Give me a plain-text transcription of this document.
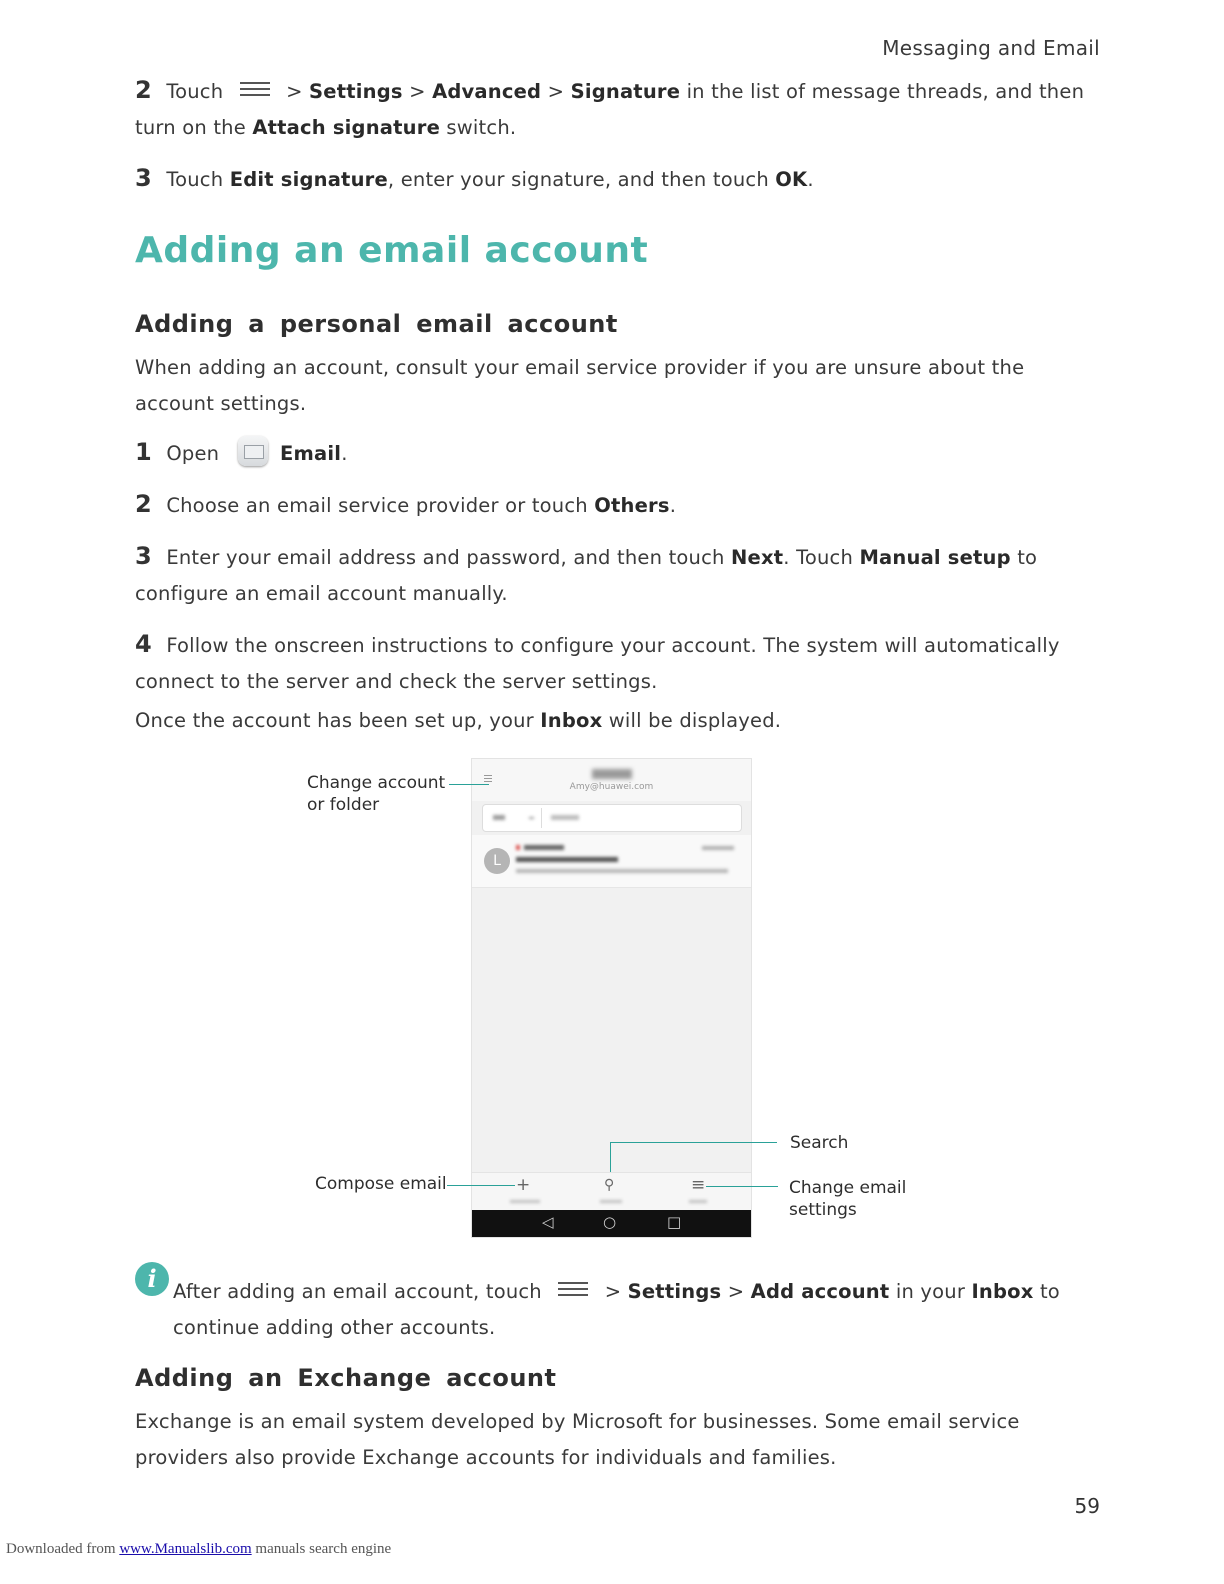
Messaging and Email
2 Touch	> Settings > Advanced > Signature in the list of message threads, and then turn on the Attach signature switch.
3 Touch Edit signature, enter your signature, and then touch OK.
Adding an email account
Adding a personal email account
When adding an account, consult your email service provider if you are unsure about the account settings.
1 Open	Email.
2 Choose an email service provider or touch Others.
3 Enter your email address and password, and then touch Next. Touch Manual setup to configure an email account manually.
4 Follow the onscreen instructions to configure your account. The system will automatically connect to the server and check the server settings.
Once the account has been set up, your Inbox will be displayed.
Amy@huawei.com
L
+	⚲	≡
◁	○	□
Change account or folder
Compose email
Search
Change email settings
i After adding an email account, touch	> Settings > Add account in your Inbox to continue adding other accounts.
Adding an Exchange account
Exchange is an email system developed by Microsoft for businesses. Some email service providers also provide Exchange accounts for individuals and families.
59
Downloaded from www.Manualslib.com manuals search engine
